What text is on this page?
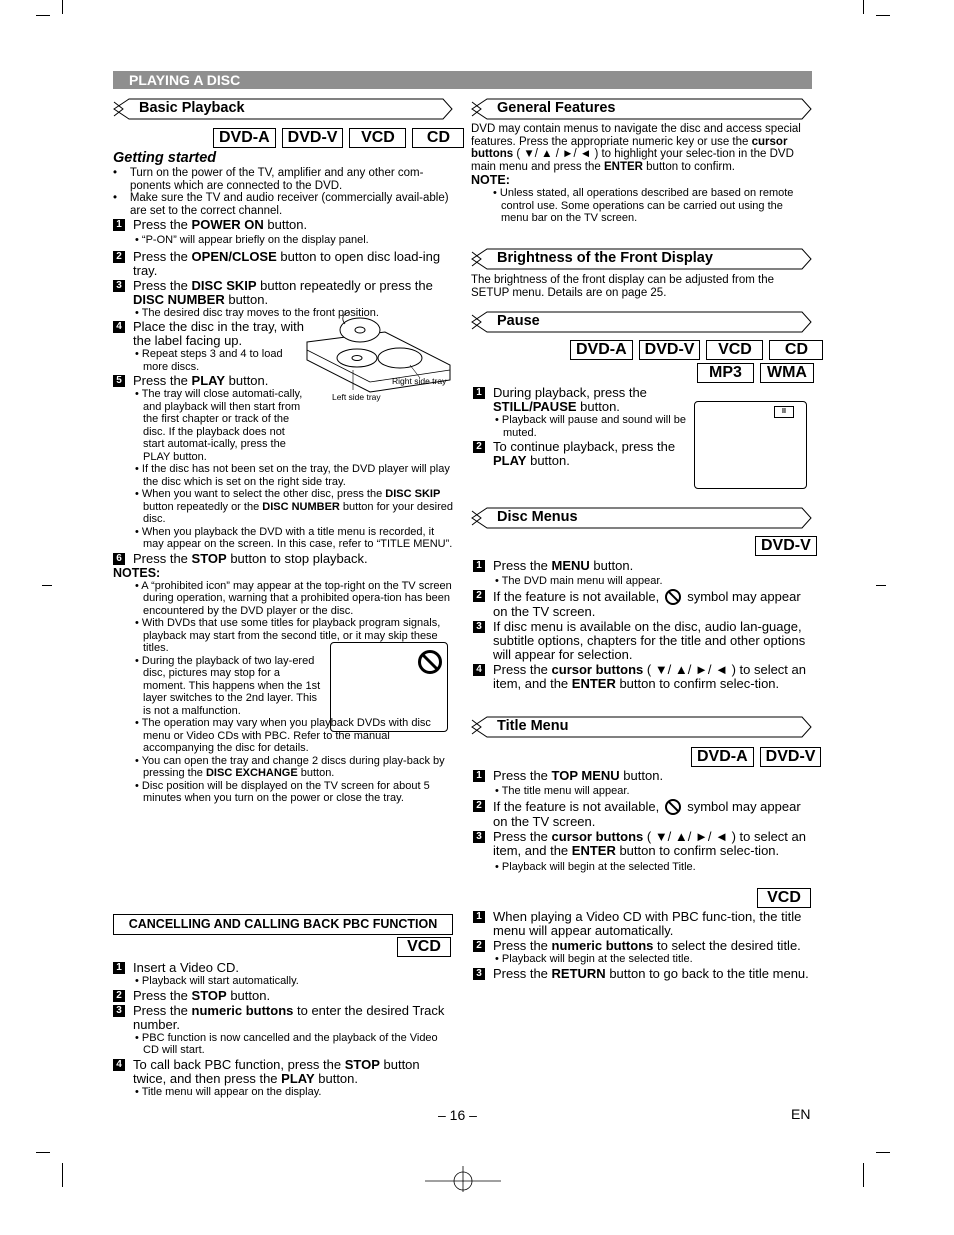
PLAYING A DISC
Basic Playback
DVD-A	DVD-V	VCD	CD
Getting started
•    Turn on the power of the TV, amplifier and any other com-ponents which are connected to the DVD.
•    Make sure the TV and audio receiver (commercially avail-able) are set to the correct channel.
1 Press the POWER ON button.
• “P-ON” will appear briefly on the display panel.
2 Press the OPEN/CLOSE button to open disc load-ing tray.
3 Press the DISC SKIP button repeatedly or press the DISC NUMBER button.
• The desired disc tray moves to the front position.
4 Place the disc in the tray, with the label facing up.
• Repeat steps 3 and 4 to load more discs.
5 Press the PLAY button.
• The tray will close automati-cally, and playback will then start from the first chapter or track of the disc. If the playback does not start automat-ically, press the PLAY button.
• If the disc has not been set on the tray, the DVD player will play the disc which is set on the right side tray.
• When you want to select the other disc, press the DISC SKIP button repeatedly or the DISC NUMBER button for your desired disc.
• When you playback the DVD with a title menu is recorded, it may appear on the screen. In this case, refer to “TITLE MENU”.
6 Press the STOP button to stop playback.
NOTES:
• A “prohibited icon” may appear at the top-right on the TV screen during operation, warning that a prohibited opera-tion has been encountered by the DVD player or the disc.
• With DVDs that use some titles for playback program signals, playback may start from the second title, or it may skip these titles.
• During the playback of two lay-ered disc, pictures may stop for a moment. This happens when the 1st layer switches to the 2nd layer. This is not a malfunction.
• The operation may vary when you playback DVDs with disc menu or Video CDs with PBC. Refer to the manual accompanying the disc for details.
• You can open the tray and change 2 discs during play-back by pressing the DISC EXCHANGE button.
• Disc position will be displayed on the TV screen for about 5 minutes when you turn on the power or close the tray.
Right side tray
Left side tray
CANCELLING AND CALLING BACK PBC FUNCTION
VCD
1 Insert a Video CD.
• Playback will start automatically.
2 Press the STOP button.
3 Press the numeric buttons to enter the desired Track number.
• PBC function is now cancelled and the playback of the Video CD will start.
4 To call back PBC function, press the STOP button twice, and then press the PLAY button.
• Title menu will appear on the display.
General Features
DVD may contain menus to navigate the disc and access special features. Press the appropriate numeric key or use the cursor buttons ( ▼/ ▲ / ►/ ◄ ) to highlight your selec-tion in the DVD main menu and press the ENTER button to confirm.
NOTE:
• Unless stated, all operations described are based on remote control use. Some operations can be carried out using the menu bar on the TV screen.
Brightness of the Front Display
The brightness of the front display can be adjusted from the SETUP menu. Details are on page 25.
Pause
DVD-A	DVD-V	VCD	CD
MP3	WMA
1 During playback, press the STILL/PAUSE button.
• Playback will pause and sound will be muted.
2 To continue playback, press the PLAY button.
II
Disc Menus
DVD-V
1 Press the MENU button.
• The DVD main menu will appear.
2 If the feature is not available, symbol may appear on the TV screen.
3 If disc menu is available on the disc, audio lan-guage, subtitle options, chapters for the title and other options will appear for selection.
4 Press the cursor buttons ( ▼/ ▲/ ►/ ◄ ) to select an item, and the ENTER button to confirm selec-tion.
Title Menu
DVD-A	DVD-V
1 Press the TOP MENU button.
• The title menu will appear.
2 If the feature is not available, symbol may appear on the TV screen.
3 Press the cursor buttons ( ▼/ ▲/ ►/ ◄ ) to select an item, and the ENTER button to confirm selec-tion.
• Playback will begin at the selected Title.
VCD
1 When playing a Video CD with PBC func-tion, the title menu will appear automatically.
2 Press the numeric buttons to select the desired title.
• Playback will begin at the selected title.
3 Press the RETURN button to go back to the title menu.
– 16 –	EN
